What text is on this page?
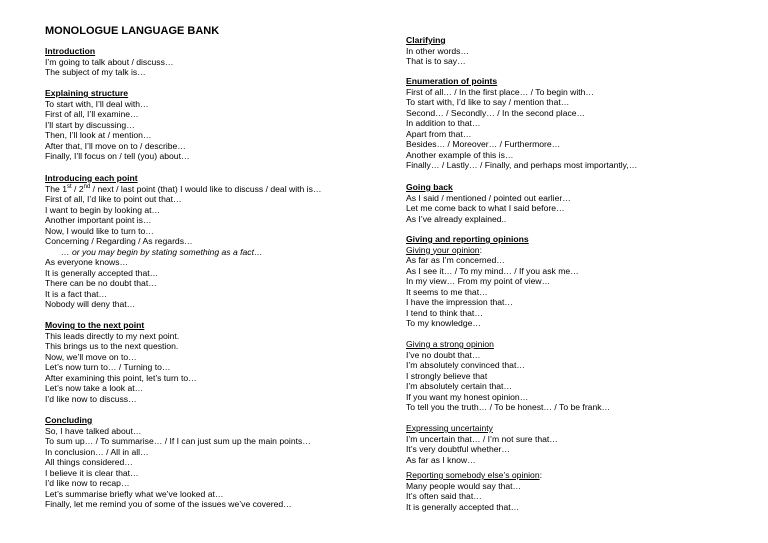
MONOLOGUE LANGUAGE BANK
Introduction
I’m going to talk about / discuss…
The subject of my talk is…
Explaining structure
To start with, I’ll deal with…
First of all, I’ll examine…
I’ll start by discussing…
Then, I’ll look at / mention…
After that, I’ll move on to / describe…
Finally, I’ll focus on / tell (you) about…
Introducing each point
The 1st / 2nd / next / last point (that) I would like to discuss / deal with is…
First of all, I’d like to point out that…
I want to begin by looking at…
Another important point is…
Now, I would like to turn to…
Concerning / Regarding / As regards…
… or you may begin by stating something as a fact…
As everyone knows…
It is generally accepted that…
There can be no doubt that…
It is a fact that…
Nobody will deny that…
Moving to the next point
This leads directly to my next point.
This brings us to the next question.
Now, we’ll move on to…
Let’s now turn to… / Turning to…
After examining this point, let’s turn to…
Let’s now take a look at…
I’d like now to discuss…
Concluding
So, I have talked about…
To sum up… / To summarise… / If I can just sum up the main points…
In conclusion… / All in all…
All things considered…
I believe it is clear that…
I’d like now to recap…
Let’s summarise briefly what we’ve looked at…
Finally, let me remind you of some of the issues we’ve covered…
Clarifying
In other words…
That is to say…
Enumeration of points
First of all… / In the first place… / To begin with…
To start with, I’d like to say / mention that…
Second… / Secondly… / In the second place…
In addition to that…
Apart from that…
Besides… / Moreover… / Furthermore…
Another example of this is…
Finally… / Lastly… / Finally, and perhaps most importantly,…
Going back
As I said / mentioned / pointed out earlier…
Let me come back to what I said before…
As I’ve already explained..
Giving and reporting opinions
Giving your opinion:
As far as I’m concerned…
As I see it… / To my mind… / If you ask me…
In my view… From my point of view…
It seems to me that…
I have the impression that…
I tend to think that…
To my knowledge…
Giving a strong opinion
I’ve no doubt that…
I’m absolutely convinced that…
I strongly believe that
I’m absolutely certain that…
If you want my honest opinion…
To tell you the truth… / To be honest… / To be frank…
Expressing uncertainty
I’m uncertain that… / I’m not sure that…
It’s very doubtful whether…
As far as I know…
Reporting somebody else’s opinion:
Many people would say that…
It’s often said that…
It is generally accepted that…
